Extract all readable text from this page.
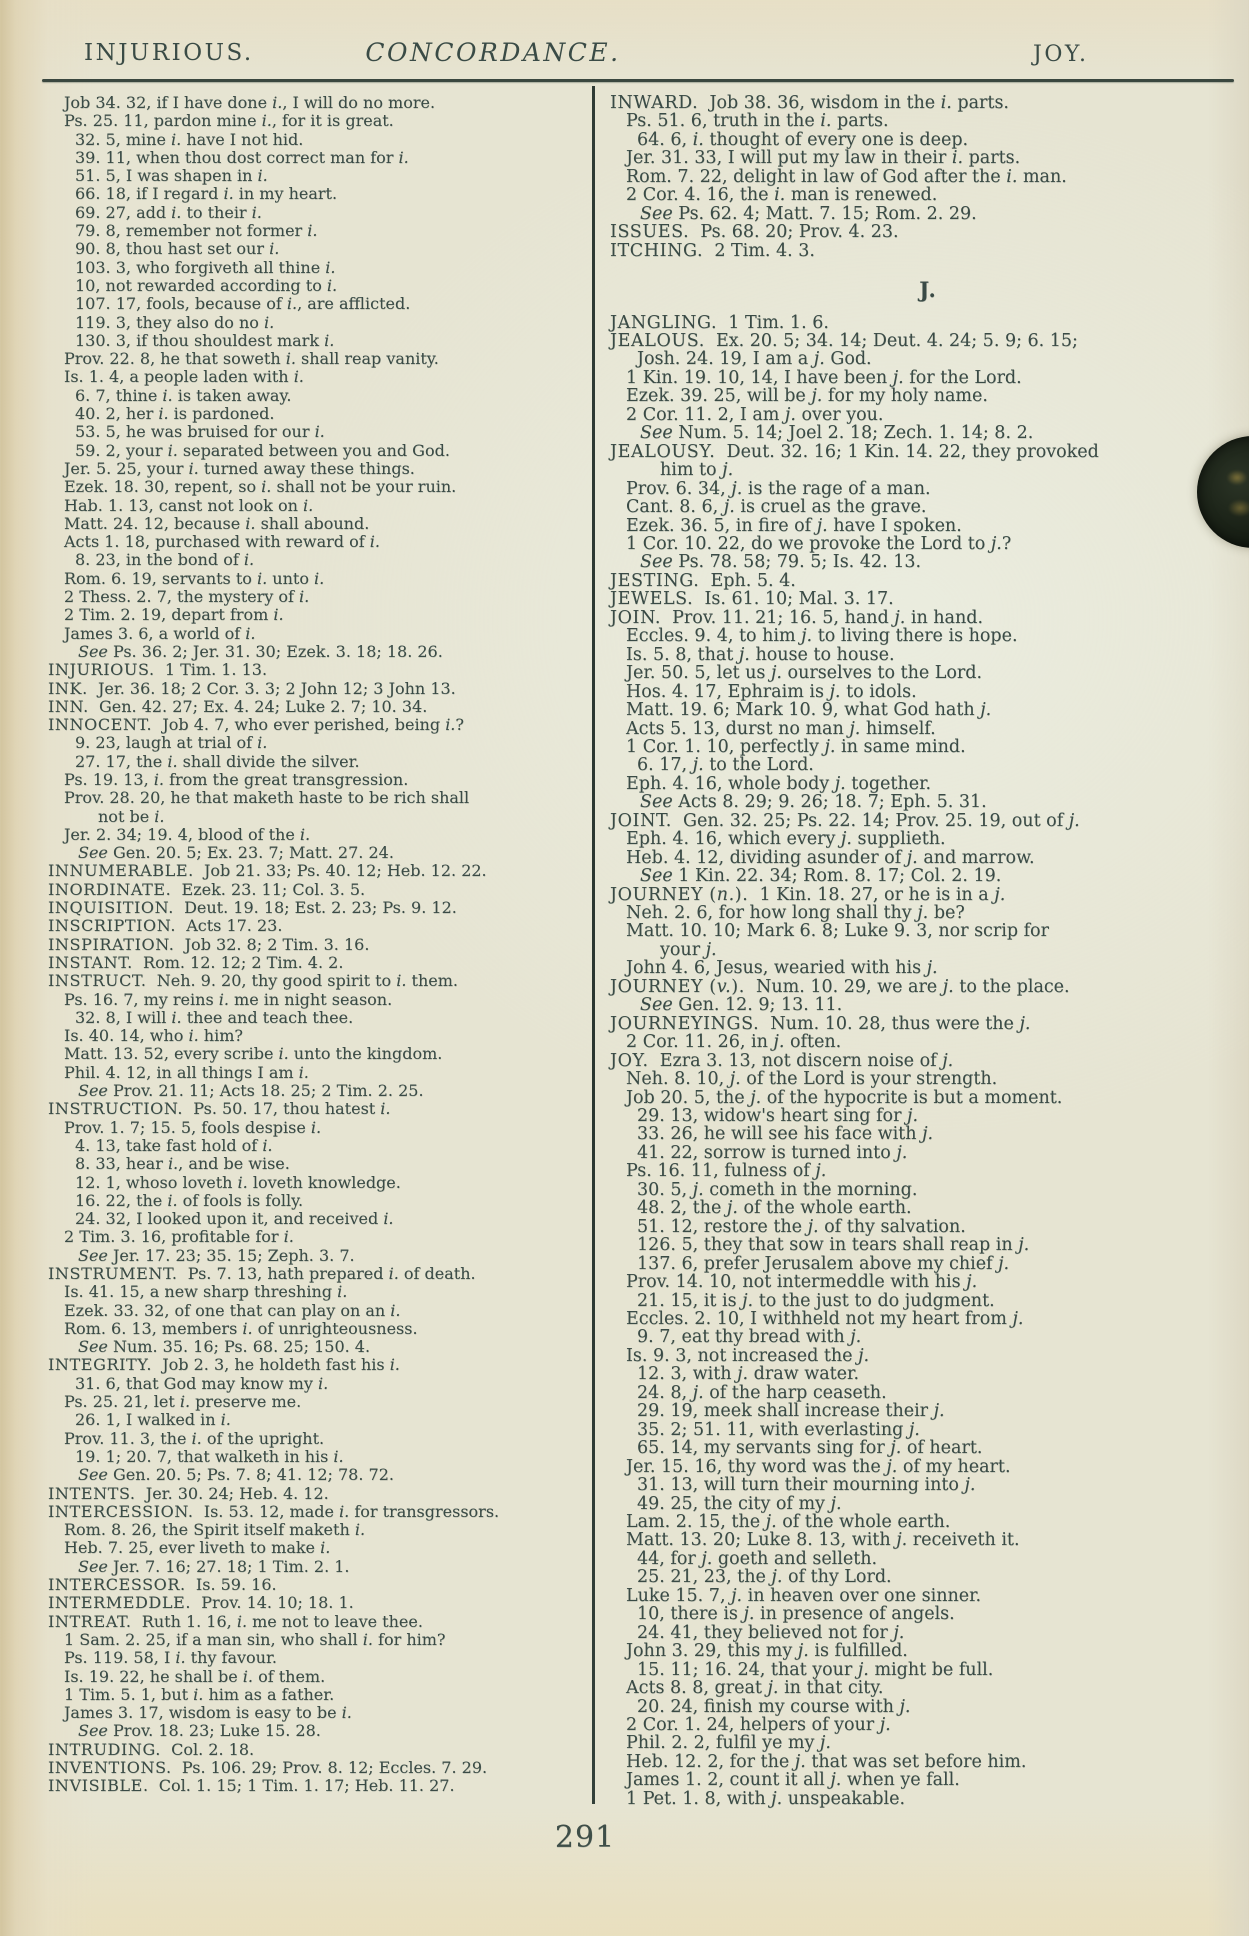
INJURIOUS.	CONCORDANCE.	JOY.
Job 34. 32, if I have done i., I will do no more.
Ps. 25. 11, pardon mine i., for it is great.
32. 5, mine i. have I not hid.
39. 11, when thou dost correct man for i.
51. 5, I was shapen in i.
66. 18, if I regard i. in my heart.
69. 27, add i. to their i.
79. 8, remember not former i.
90. 8, thou hast set our i.
103. 3, who forgiveth all thine i.
10, not rewarded according to i.
107. 17, fools, because of i., are afflicted.
119. 3, they also do no i.
130. 3, if thou shouldest mark i.
Prov. 22. 8, he that soweth i. shall reap vanity.
Is. 1. 4, a people laden with i.
6. 7, thine i. is taken away.
40. 2, her i. is pardoned.
53. 5, he was bruised for our i.
59. 2, your i. separated between you and God.
Jer. 5. 25, your i. turned away these things.
Ezek. 18. 30, repent, so i. shall not be your ruin.
Hab. 1. 13, canst not look on i.
Matt. 24. 12, because i. shall abound.
Acts 1. 18, purchased with reward of i.
8. 23, in the bond of i.
Rom. 6. 19, servants to i. unto i.
2 Thess. 2. 7, the mystery of i.
2 Tim. 2. 19, depart from i.
James 3. 6, a world of i.
See Ps. 36. 2; Jer. 31. 30; Ezek. 3. 18; 18. 26.
INJURIOUS.  1 Tim. 1. 13.
INK.  Jer. 36. 18; 2 Cor. 3. 3; 2 John 12; 3 John 13.
INN.  Gen. 42. 27; Ex. 4. 24; Luke 2. 7; 10. 34.
INNOCENT.  Job 4. 7, who ever perished, being i.?
9. 23, laugh at trial of i.
27. 17, the i. shall divide the silver.
Ps. 19. 13, i. from the great transgression.
Prov. 28. 20, he that maketh haste to be rich shall
not be i.
Jer. 2. 34; 19. 4, blood of the i.
See Gen. 20. 5; Ex. 23. 7; Matt. 27. 24.
INNUMERABLE.  Job 21. 33; Ps. 40. 12; Heb. 12. 22.
INORDINATE.  Ezek. 23. 11; Col. 3. 5.
INQUISITION.  Deut. 19. 18; Est. 2. 23; Ps. 9. 12.
INSCRIPTION.  Acts 17. 23.
INSPIRATION.  Job 32. 8; 2 Tim. 3. 16.
INSTANT.  Rom. 12. 12; 2 Tim. 4. 2.
INSTRUCT.  Neh. 9. 20, thy good spirit to i. them.
Ps. 16. 7, my reins i. me in night season.
32. 8, I will i. thee and teach thee.
Is. 40. 14, who i. him?
Matt. 13. 52, every scribe i. unto the kingdom.
Phil. 4. 12, in all things I am i.
See Prov. 21. 11; Acts 18. 25; 2 Tim. 2. 25.
INSTRUCTION.  Ps. 50. 17, thou hatest i.
Prov. 1. 7; 15. 5, fools despise i.
4. 13, take fast hold of i.
8. 33, hear i., and be wise.
12. 1, whoso loveth i. loveth knowledge.
16. 22, the i. of fools is folly.
24. 32, I looked upon it, and received i.
2 Tim. 3. 16, profitable for i.
See Jer. 17. 23; 35. 15; Zeph. 3. 7.
INSTRUMENT.  Ps. 7. 13, hath prepared i. of death.
Is. 41. 15, a new sharp threshing i.
Ezek. 33. 32, of one that can play on an i.
Rom. 6. 13, members i. of unrighteousness.
See Num. 35. 16; Ps. 68. 25; 150. 4.
INTEGRITY.  Job 2. 3, he holdeth fast his i.
31. 6, that God may know my i.
Ps. 25. 21, let i. preserve me.
26. 1, I walked in i.
Prov. 11. 3, the i. of the upright.
19. 1; 20. 7, that walketh in his i.
See Gen. 20. 5; Ps. 7. 8; 41. 12; 78. 72.
INTENTS.  Jer. 30. 24; Heb. 4. 12.
INTERCESSION.  Is. 53. 12, made i. for transgressors.
Rom. 8. 26, the Spirit itself maketh i.
Heb. 7. 25, ever liveth to make i.
See Jer. 7. 16; 27. 18; 1 Tim. 2. 1.
INTERCESSOR.  Is. 59. 16.
INTERMEDDLE.  Prov. 14. 10; 18. 1.
INTREAT.  Ruth 1. 16, i. me not to leave thee.
1 Sam. 2. 25, if a man sin, who shall i. for him?
Ps. 119. 58, I i. thy favour.
Is. 19. 22, he shall be i. of them.
1 Tim. 5. 1, but i. him as a father.
James 3. 17, wisdom is easy to be i.
See Prov. 18. 23; Luke 15. 28.
INTRUDING.  Col. 2. 18.
INVENTIONS.  Ps. 106. 29; Prov. 8. 12; Eccles. 7. 29.
INVISIBLE.  Col. 1. 15; 1 Tim. 1. 17; Heb. 11. 27.
INWARD.  Job 38. 36, wisdom in the i. parts.
Ps. 51. 6, truth in the i. parts.
64. 6, i. thought of every one is deep.
Jer. 31. 33, I will put my law in their i. parts.
Rom. 7. 22, delight in law of God after the i. man.
2 Cor. 4. 16, the i. man is renewed.
See Ps. 62. 4; Matt. 7. 15; Rom. 2. 29.
ISSUES.  Ps. 68. 20; Prov. 4. 23.
ITCHING.  2 Tim. 4. 3.
J.
JANGLING.  1 Tim. 1. 6.
JEALOUS.  Ex. 20. 5; 34. 14; Deut. 4. 24; 5. 9; 6. 15;
Josh. 24. 19, I am a j. God.
1 Kin. 19. 10, 14, I have been j. for the Lord.
Ezek. 39. 25, will be j. for my holy name.
2 Cor. 11. 2, I am j. over you.
See Num. 5. 14; Joel 2. 18; Zech. 1. 14; 8. 2.
JEALOUSY.  Deut. 32. 16; 1 Kin. 14. 22, they provoked
him to j.
Prov. 6. 34, j. is the rage of a man.
Cant. 8. 6, j. is cruel as the grave.
Ezek. 36. 5, in fire of j. have I spoken.
1 Cor. 10. 22, do we provoke the Lord to j.?
See Ps. 78. 58; 79. 5; Is. 42. 13.
JESTING.  Eph. 5. 4.
JEWELS.  Is. 61. 10; Mal. 3. 17.
JOIN.  Prov. 11. 21; 16. 5, hand j. in hand.
Eccles. 9. 4, to him j. to living there is hope.
Is. 5. 8, that j. house to house.
Jer. 50. 5, let us j. ourselves to the Lord.
Hos. 4. 17, Ephraim is j. to idols.
Matt. 19. 6; Mark 10. 9, what God hath j.
Acts 5. 13, durst no man j. himself.
1 Cor. 1. 10, perfectly j. in same mind.
6. 17, j. to the Lord.
Eph. 4. 16, whole body j. together.
See Acts 8. 29; 9. 26; 18. 7; Eph. 5. 31.
JOINT.  Gen. 32. 25; Ps. 22. 14; Prov. 25. 19, out of j.
Eph. 4. 16, which every j. supplieth.
Heb. 4. 12, dividing asunder of j. and marrow.
See 1 Kin. 22. 34; Rom. 8. 17; Col. 2. 19.
JOURNEY (n.).  1 Kin. 18. 27, or he is in a j.
Neh. 2. 6, for how long shall thy j. be?
Matt. 10. 10; Mark 6. 8; Luke 9. 3, nor scrip for
your j.
John 4. 6, Jesus, wearied with his j.
JOURNEY (v.).  Num. 10. 29, we are j. to the place.
See Gen. 12. 9; 13. 11.
JOURNEYINGS.  Num. 10. 28, thus were the j.
2 Cor. 11. 26, in j. often.
JOY.  Ezra 3. 13, not discern noise of j.
Neh. 8. 10, j. of the Lord is your strength.
Job 20. 5, the j. of the hypocrite is but a moment.
29. 13, widow's heart sing for j.
33. 26, he will see his face with j.
41. 22, sorrow is turned into j.
Ps. 16. 11, fulness of j.
30. 5, j. cometh in the morning.
48. 2, the j. of the whole earth.
51. 12, restore the j. of thy salvation.
126. 5, they that sow in tears shall reap in j.
137. 6, prefer Jerusalem above my chief j.
Prov. 14. 10, not intermeddle with his j.
21. 15, it is j. to the just to do judgment.
Eccles. 2. 10, I withheld not my heart from j.
9. 7, eat thy bread with j.
Is. 9. 3, not increased the j.
12. 3, with j. draw water.
24. 8, j. of the harp ceaseth.
29. 19, meek shall increase their j.
35. 2; 51. 11, with everlasting j.
65. 14, my servants sing for j. of heart.
Jer. 15. 16, thy word was the j. of my heart.
31. 13, will turn their mourning into j.
49. 25, the city of my j.
Lam. 2. 15, the j. of the whole earth.
Matt. 13. 20; Luke 8. 13, with j. receiveth it.
44, for j. goeth and selleth.
25. 21, 23, the j. of thy Lord.
Luke 15. 7, j. in heaven over one sinner.
10, there is j. in presence of angels.
24. 41, they believed not for j.
John 3. 29, this my j. is fulfilled.
15. 11; 16. 24, that your j. might be full.
Acts 8. 8, great j. in that city.
20. 24, finish my course with j.
2 Cor. 1. 24, helpers of your j.
Phil. 2. 2, fulfil ye my j.
Heb. 12. 2, for the j. that was set before him.
James 1. 2, count it all j. when ye fall.
1 Pet. 1. 8, with j. unspeakable.
291
